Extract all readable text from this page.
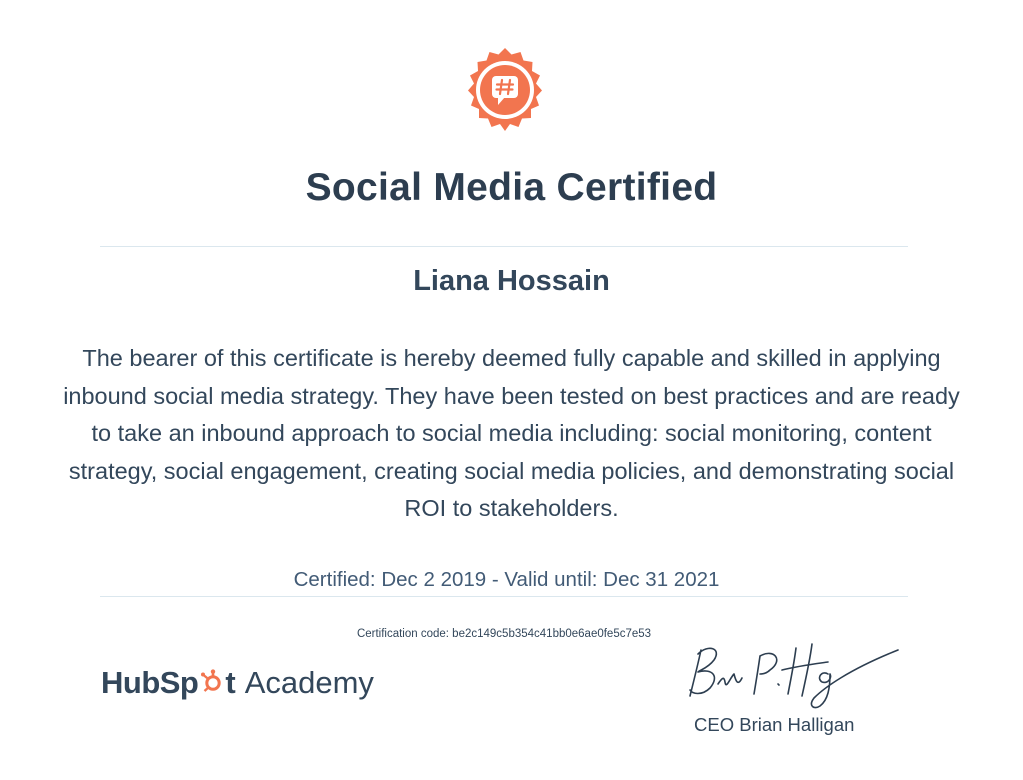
Social Media Certified
Liana Hossain
The bearer of this certificate is hereby deemed fully capable and skilled in applying inbound social media strategy. They have been tested on best practices and are ready to take an inbound approach to social media including: social monitoring, content strategy, social engagement, creating social media policies, and demonstrating social ROI to stakeholders.
Certified: Dec 2 2019 - Valid until: Dec 31 2021
Certification code: be2c149c5b354c41bb0e6ae0fe5c7e53
HubSp t Academy
CEO Brian Halligan
